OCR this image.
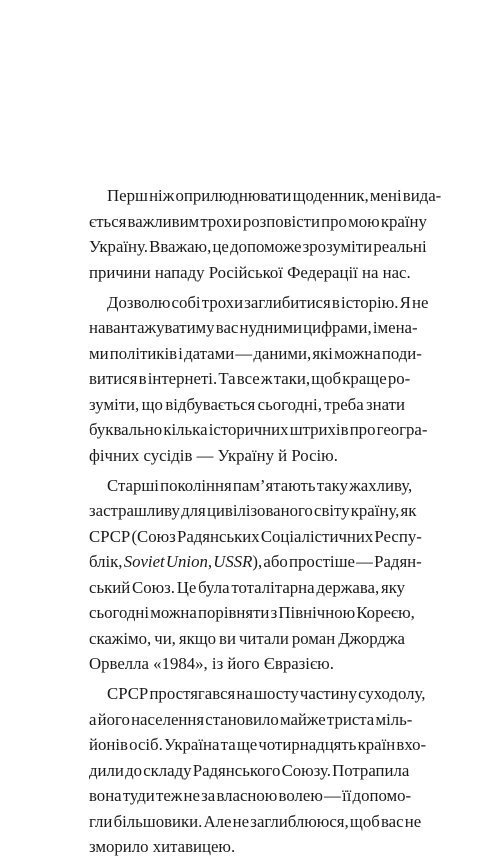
Перш ніж оприлюднювати щоденник, мені вида-
ється важливим трохи розповісти про мою країну
Україну. Вважаю, це допоможе зрозуміти реальні
причини нападу Російської Федерації на нас.

Дозволю собі трохи заглибитися в історію. Я не
навантажуватиму вас нудними цифрами, імена-
ми політиків і датами — даними, які можна поди-
витися в інтернеті. Та все ж таки, щоб краще ро-
зуміти, що відбувається сьогодні, треба знати
буквально кілька історичних штрихів про геогра-
фічних сусідів — Україну й Росію.

Старші покоління пам’ятають таку жахливу,
застрашливу для цивілізованого світу країну, як
СРСР (Союз Радянських Соціалістичних Респу-
блік, Soviet Union, USSR), або простіше — Радян-
ський Союз. Це була тоталітарна держава, яку
сьогодні можна порівняти з Північною Кореєю,
скажімо, чи, якщо ви читали роман Джорджа
Орвелла «1984», із його Євразією.

СРСР простягався на шосту частину суходолу,
а його населення становило майже триста міль-
йонів осіб. Україна та ще чотирнадцять країн вхо-
дили до складу Радянського Союзу. Потрапила
вона туди теж не за власною волею — її допомо-
гли більшовики. Але не заглиблююся, щоб вас не
зморило хитавицею.
